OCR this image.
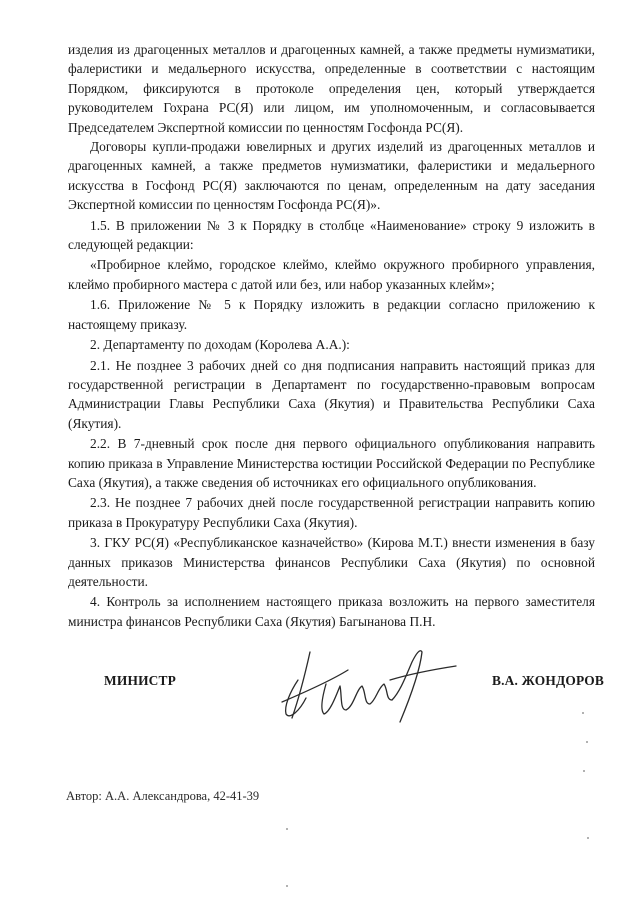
изделия из драгоценных металлов и драгоценных камней, а также предметы нумизматики, фалеристики и медальерного искусства, определенные в соответствии с настоящим Порядком, фиксируются в протоколе определения цен, который утверждается руководителем Гохрана РС(Я) или лицом, им уполномоченным, и согласовывается Председателем Экспертной комиссии по ценностям Госфонда РС(Я).

Договоры купли-продажи ювелирных и других изделий из драгоценных металлов и драгоценных камней, а также предметов нумизматики, фалеристики и медальерного искусства в Госфонд РС(Я) заключаются по ценам, определенным на дату заседания Экспертной комиссии по ценностям Госфонда РС(Я)».

1.5. В приложении № 3 к Порядку в столбце «Наименование» строку 9 изложить в следующей редакции:

«Пробирное клеймо, городское клеймо, клеймо окружного пробирного управления, клеймо пробирного мастера с датой или без, или набор указанных клейм»;

1.6. Приложение № 5 к Порядку изложить в редакции согласно приложению к настоящему приказу.

2. Департаменту по доходам (Королева А.А.):

2.1. Не позднее 3 рабочих дней со дня подписания направить настоящий приказ для государственной регистрации в Департамент по государственно-правовым вопросам Администрации Главы Республики Саха (Якутия) и Правительства Республики Саха (Якутия).

2.2. В 7-дневный срок после дня первого официального опубликования направить копию приказа в Управление Министерства юстиции Российской Федерации по Республике Саха (Якутия), а также сведения об источниках его официального опубликования.

2.3. Не позднее 7 рабочих дней после государственной регистрации направить копию приказа в Прокуратуру Республики Саха (Якутия).

3. ГКУ РС(Я) «Республиканское казначейство» (Кирова М.Т.) внести изменения в базу данных приказов Министерства финансов Республики Саха (Якутия) по основной деятельности.

4. Контроль за исполнением настоящего приказа возложить на первого заместителя министра финансов Республики Саха (Якутия) Багынанова П.Н.

МИНИСТР	В.А. ЖОНДОРОВ
Автор: А.А. Александрова, 42-41-39
